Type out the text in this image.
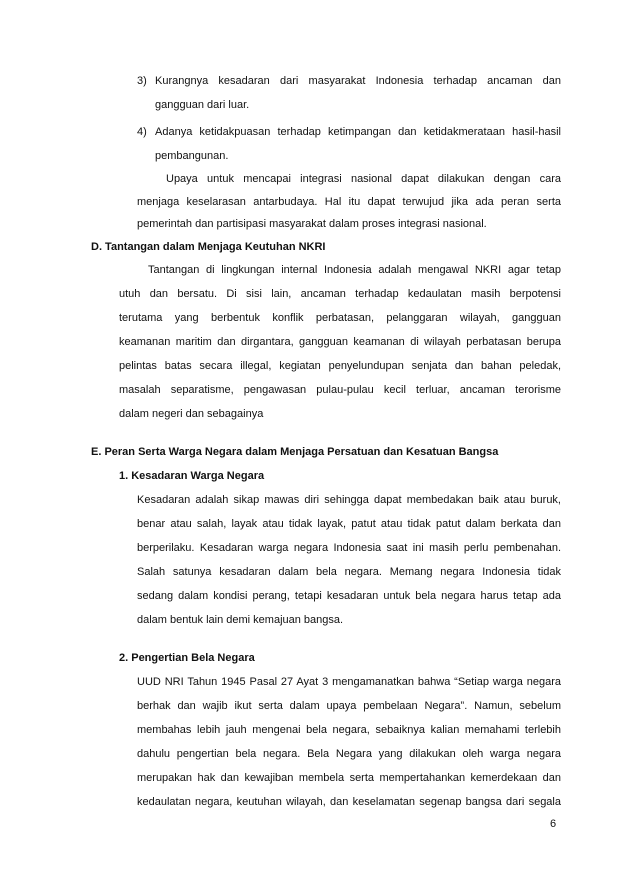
3) Kurangnya kesadaran dari masyarakat Indonesia terhadap ancaman dan
gangguan dari luar.
4) Adanya ketidakpuasan terhadap ketimpangan dan ketidakmerataan hasil-hasil
pembangunan.
Upaya untuk mencapai integrasi nasional dapat dilakukan dengan cara
menjaga keselarasan antarbudaya. Hal itu dapat terwujud jika ada peran serta
pemerintah dan partisipasi masyarakat dalam proses integrasi nasional.
D. Tantangan dalam Menjaga Keutuhan NKRI
Tantangan di lingkungan internal Indonesia adalah mengawal NKRI agar tetap
utuh dan bersatu. Di sisi lain, ancaman terhadap kedaulatan masih berpotensi
terutama yang berbentuk konflik perbatasan, pelanggaran wilayah, gangguan
keamanan maritim dan dirgantara, gangguan keamanan di wilayah perbatasan berupa
pelintas batas secara illegal, kegiatan penyelundupan senjata dan bahan peledak,
masalah separatisme, pengawasan pulau-pulau kecil terluar, ancaman terorisme
dalam negeri dan sebagainya
E. Peran Serta Warga Negara dalam Menjaga Persatuan dan Kesatuan Bangsa
1. Kesadaran Warga Negara
Kesadaran adalah sikap mawas diri sehingga dapat membedakan baik atau buruk,
benar atau salah, layak atau tidak layak, patut atau tidak patut dalam berkata dan
berperilaku. Kesadaran warga negara Indonesia saat ini masih perlu pembenahan.
Salah satunya kesadaran dalam bela negara. Memang negara Indonesia tidak
sedang dalam kondisi perang, tetapi kesadaran untuk bela negara harus tetap ada
dalam bentuk lain demi kemajuan bangsa.
2. Pengertian Bela Negara
UUD NRI Tahun 1945 Pasal 27 Ayat 3 mengamanatkan bahwa “Setiap warga negara
berhak dan wajib ikut serta dalam upaya pembelaan Negara”. Namun, sebelum
membahas lebih jauh mengenai bela negara, sebaiknya kalian memahami terlebih
dahulu pengertian bela negara. Bela Negara yang dilakukan oleh warga negara
merupakan hak dan kewajiban membela serta mempertahankan kemerdekaan dan
kedaulatan negara, keutuhan wilayah, dan keselamatan segenap bangsa dari segala
6
